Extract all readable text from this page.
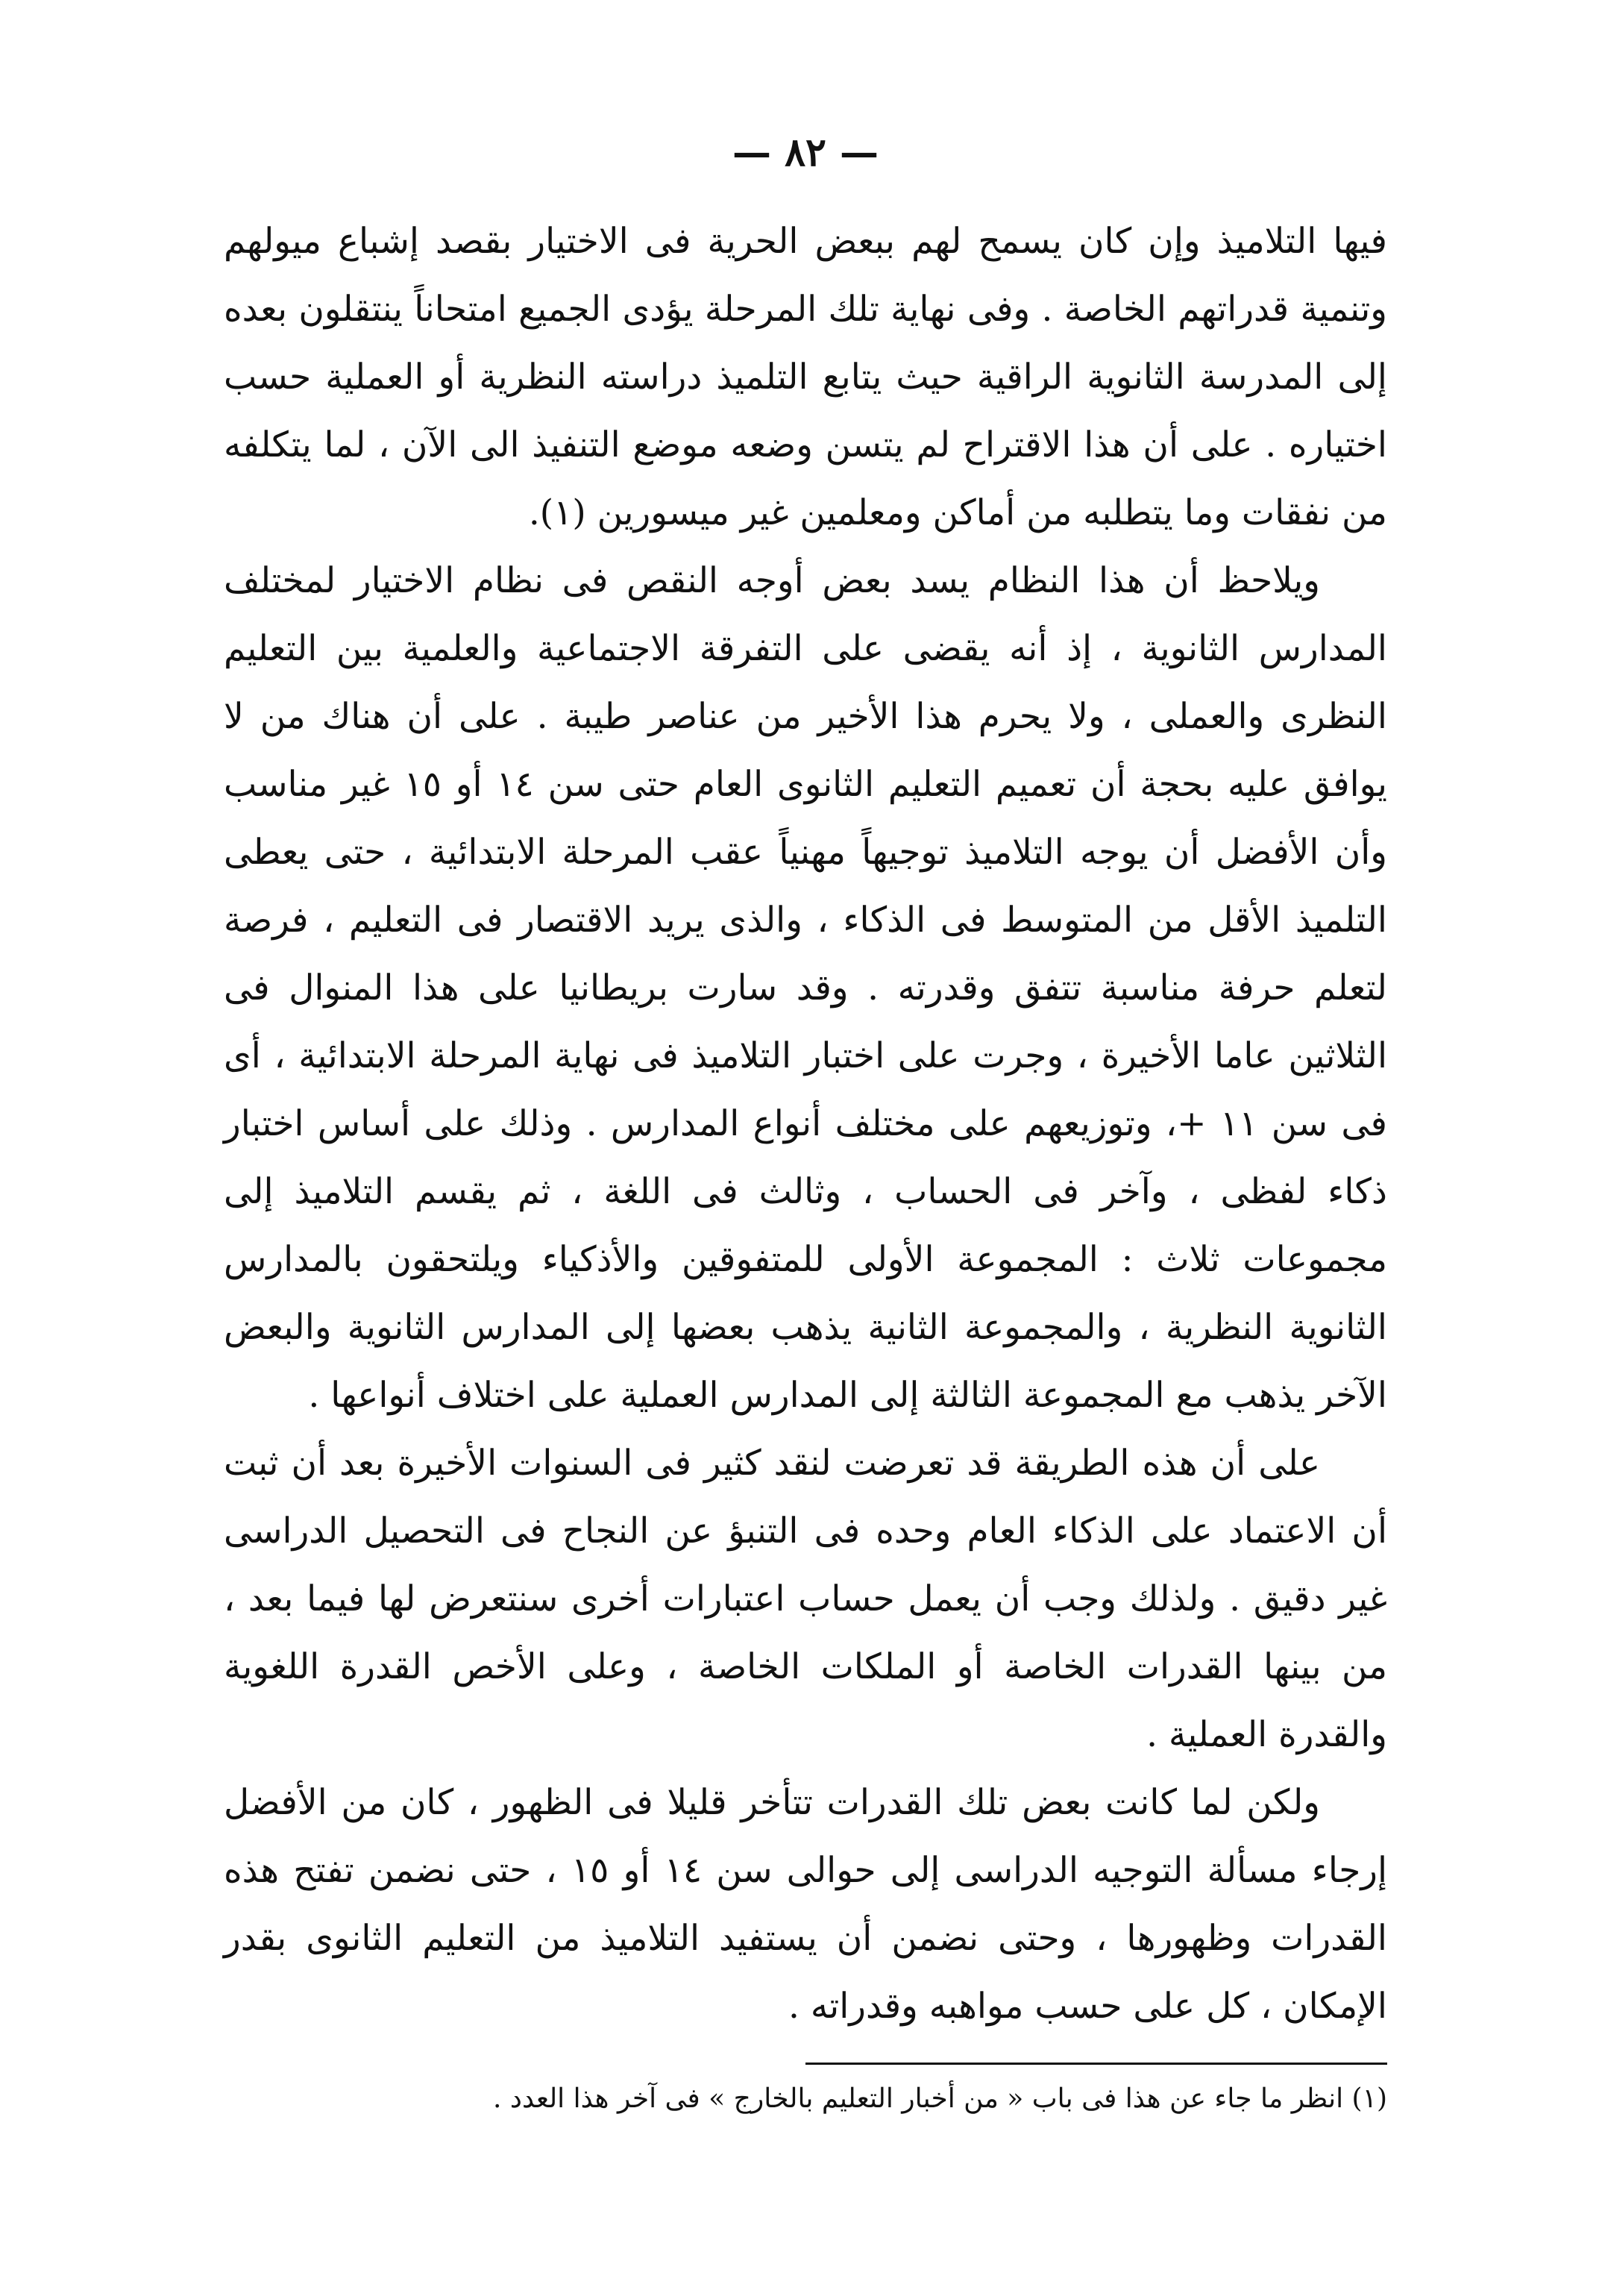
— ٨٢ —

فيها التلاميذ وإن كان يسمح لهم ببعض الحرية فى الاختيار بقصد إشباع ميولهم وتنمية قدراتهم الخاصة . وفى نهاية تلك المرحلة يؤدى الجميع امتحاناً ينتقلون بعده إلى المدرسة الثانوية الراقية حيث يتابع التلميذ دراسته النظرية أو العملية حسب اختياره . على أن هذا الاقتراح لم يتسن وضعه موضع التنفيذ الى الآن ، لما يتكلفه من نفقات وما يتطلبه من أماكن ومعلمين غير ميسورين (١).

ويلاحظ أن هذا النظام يسد بعض أوجه النقص فى نظام الاختيار لمختلف المدارس الثانوية ، إذ أنه يقضى على التفرقة الاجتماعية والعلمية بين التعليم النظرى والعملى ، ولا يحرم هذا الأخير من عناصر طيبة . على أن هناك من لا يوافق عليه بحجة أن تعميم التعليم الثانوى العام حتى سن ١٤ أو ١٥ غير مناسب وأن الأفضل أن يوجه التلاميذ توجيهاً مهنياً عقب المرحلة الابتدائية ، حتى يعطى التلميذ الأقل من المتوسط فى الذكاء ، والذى يريد الاقتصار فى التعليم ، فرصة لتعلم حرفة مناسبة تتفق وقدرته . وقد سارت بريطانيا على هذا المنوال فى الثلاثين عاما الأخيرة ، وجرت على اختبار التلاميذ فى نهاية المرحلة الابتدائية ، أى فى سن ١١ +، وتوزيعهم على مختلف أنواع المدارس . وذلك على أساس اختبار ذكاء لفظى ، وآخر فى الحساب ، وثالث فى اللغة ، ثم يقسم التلاميذ إلى مجموعات ثلاث : المجموعة الأولى للمتفوقين والأذكياء ويلتحقون بالمدارس الثانوية النظرية ، والمجموعة الثانية يذهب بعضها إلى المدارس الثانوية والبعض الآخر يذهب مع المجموعة الثالثة إلى المدارس العملية على اختلاف أنواعها .

على أن هذه الطريقة قد تعرضت لنقد كثير فى السنوات الأخيرة بعد أن ثبت أن الاعتماد على الذكاء العام وحده فى التنبؤ عن النجاح فى التحصيل الدراسى غير دقيق . ولذلك وجب أن يعمل حساب اعتبارات أخرى سنتعرض لها فيما بعد ، من بينها القدرات الخاصة أو الملكات الخاصة ، وعلى الأخص القدرة اللغوية والقدرة العملية .

ولكن لما كانت بعض تلك القدرات تتأخر قليلا فى الظهور ، كان من الأفضل إرجاء مسألة التوجيه الدراسى إلى حوالى سن ١٤ أو ١٥ ، حتى نضمن تفتح هذه القدرات وظهورها ، وحتى نضمن أن يستفيد التلاميذ من التعليم الثانوى بقدر الإمكان ، كل على حسب مواهبه وقدراته .

(١) انظر ما جاء عن هذا فى باب « من أخبار التعليم بالخارج » فى آخر هذا العدد .
